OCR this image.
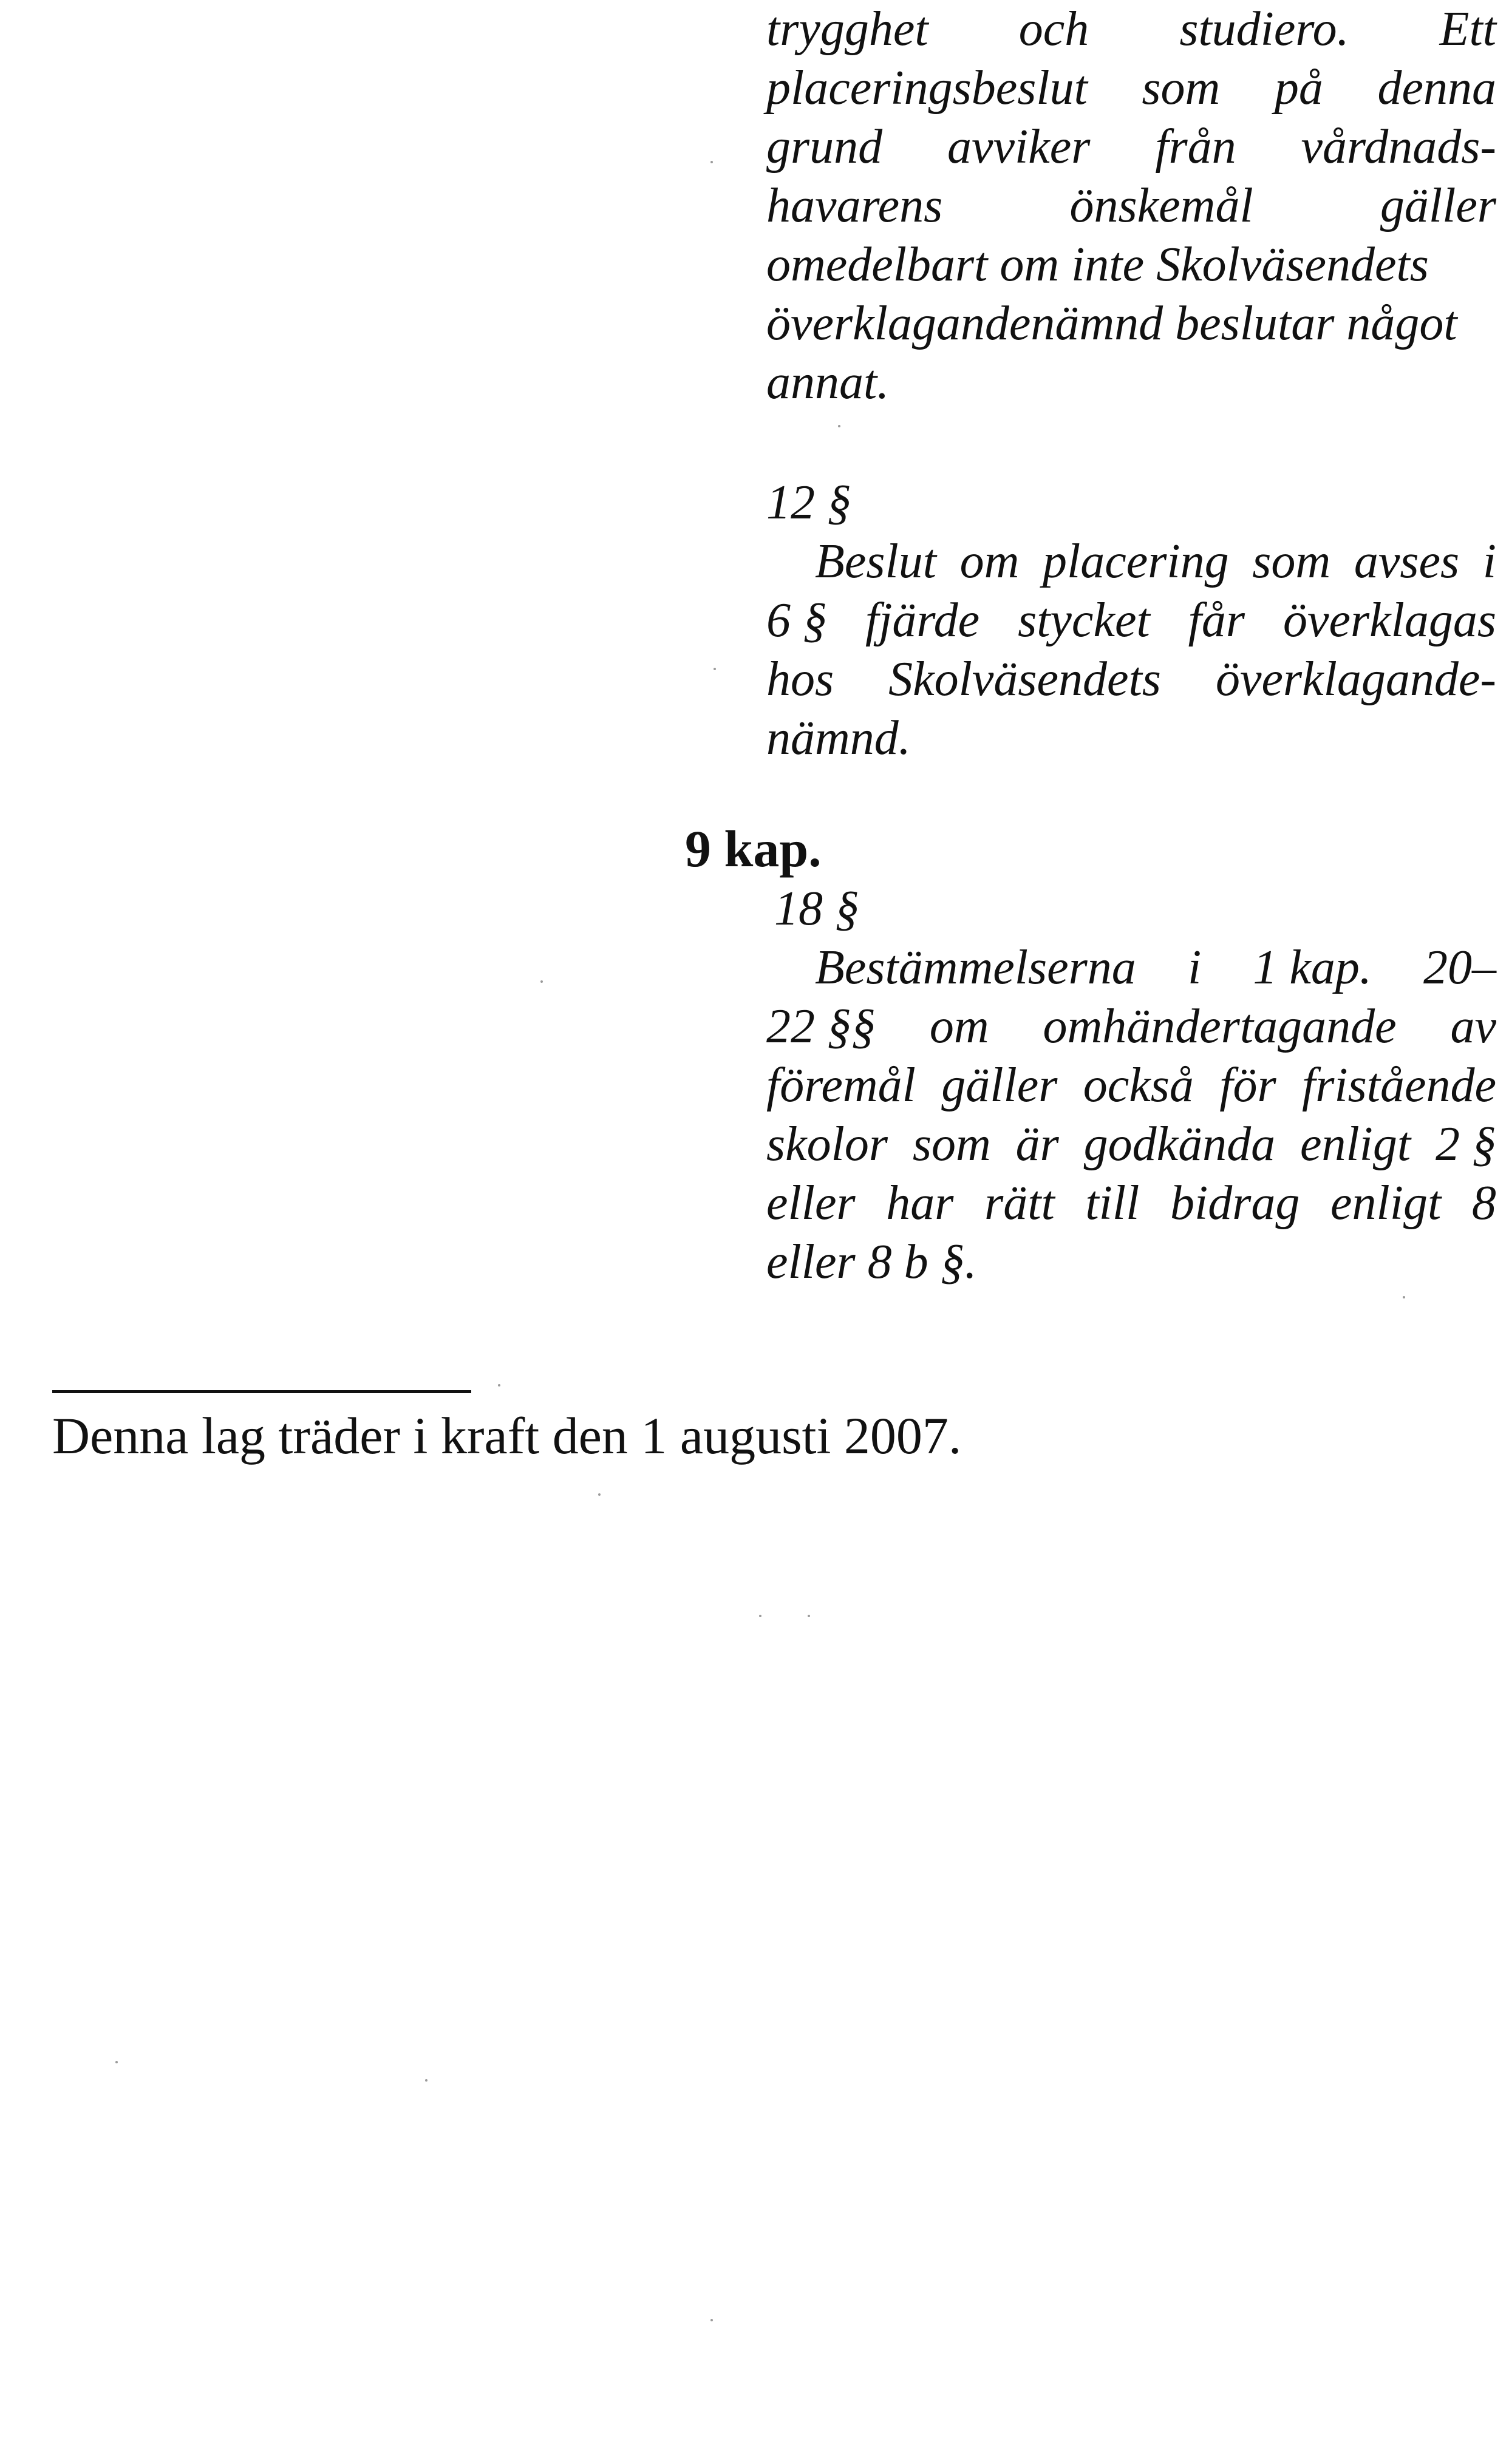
trygghet och studiero. Ett
placeringsbeslut som på denna
grund avviker från vårdnads-
havarens	önskemål	gäller
omedelbart om inte Skolväsendets
överklagandenämnd beslutar något
annat.
12 §
Beslut om placering som avses i
6 § fjärde stycket får överklagas
hos Skolväsendets överklagande-
nämnd.
9 kap.
18 §
Bestämmelserna i 1 kap. 20–
22 §§ om omhändertagande av
föremål gäller också för fristående
skolor som är godkända enligt 2 §
eller har rätt till bidrag enligt 8
eller 8 b §.
Denna lag träder i kraft den 1 augusti 2007.
